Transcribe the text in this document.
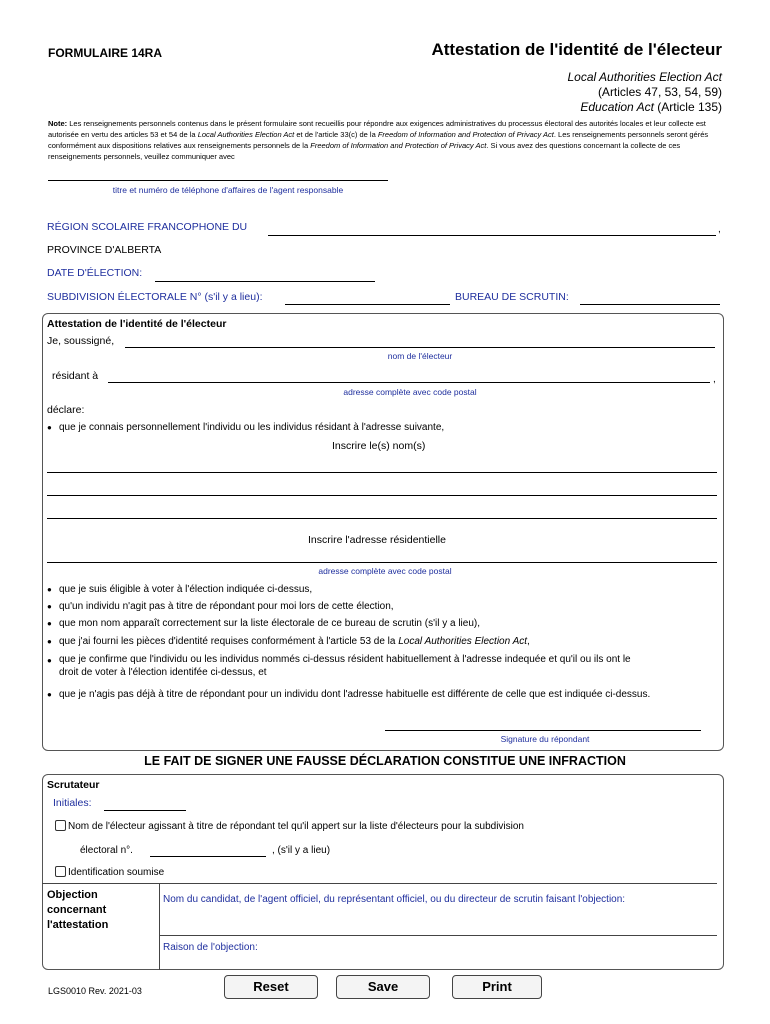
FORMULAIRE 14RA	Attestation de l'identité de l'électeur
Local Authorities Election Act
(Articles 47, 53, 54, 59)
Education Act (Article 135)
Note: Les renseignements personnels contenus dans le présent formulaire sont recueillis pour répondre aux exigences administratives du processus électoral des autorités locales et leur collecte est autorisée en vertu des articles 53 et 54 de la Local Authorities Election Act et de l'article 33(c) de la Freedom of Information and Protection of Privacy Act. Les renseignements personnels seront gérés conformément aux dispositions relatives aux renseignements personnels de la Freedom of Information and Protection of Privacy Act. Si vous avez des questions concernant la collecte de ces renseignements personnels, veuillez communiquer avec
titre et numéro de téléphone d'affaires de l'agent responsable
RÉGION SCOLAIRE FRANCOPHONE DU	,
PROVINCE D'ALBERTA
DATE D'ÉLECTION:
SUBDIVISION ÉLECTORALE N° (s'il y a lieu):	BUREAU DE SCRUTIN:
Attestation de l'identité de l'électeur
Je, soussigné,
nom de l'électeur
résidant à	,
adresse complète avec code postal
déclare:
● que je connais personnellement l'individu ou les individus résidant à l'adresse suivante,
Inscrire le(s) nom(s)
Inscrire l'adresse résidentielle
adresse complète avec code postal
● que je suis éligible à voter à l'élection indiquée ci-dessus,
● qu'un individu n'agit pas à titre de répondant pour moi lors de cette élection,
● que mon nom apparaît correctement sur la liste électorale de ce bureau de scrutin (s'il y a lieu),
● que j'ai fourni les pièces d'identité requises conformément à l'article 53 de la Local Authorities Election Act,
● que je confirme que l'individu ou les individus nommés ci-dessus résident habituellement à l'adresse indequée et qu'il ou ils ont le
droit de voter à l'élection identifée ci-dessus, et
● que je n'agis pas déjà à titre de répondant pour un individu dont l'adresse habituelle est différente de celle que est indiquée ci-dessus.
Signature du répondant
LE FAIT DE SIGNER UNE FAUSSE DÉCLARATION CONSTITUE UNE INFRACTION
Scrutateur
Initiales:
Nom de l'électeur agissant à titre de répondant tel qu'il appert sur la liste d'électeurs pour la subdivision
électoral n°.	, (s'il y a lieu)
Identification soumise
Objection concernant l'attestation
Nom du candidat, de l'agent officiel, du représentant officiel, ou du directeur de scrutin faisant l'objection:
Raison de l'objection:
LGS0010 Rev. 2021-03	Reset	Save	Print
